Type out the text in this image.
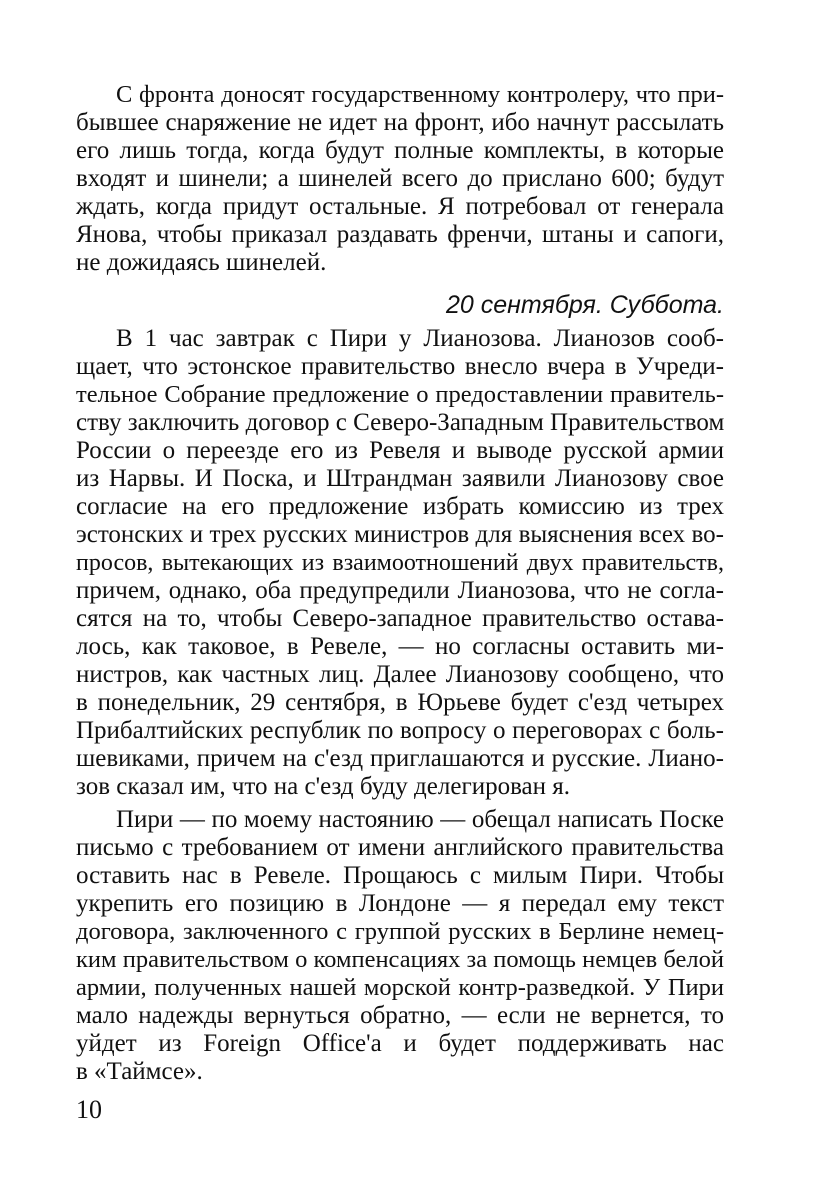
С фронта доносят государственному контролеру, что при-
бывшее снаряжение не идет на фронт, ибо начнут рассылать
его лишь тогда, когда будут полные комплекты, в которые
входят и шинели; а шинелей всего до прислано 600; будут
ждать, когда придут остальные. Я потребовал от генерала
Янова, чтобы приказал раздавать френчи, штаны и сапоги,
не дожидаясь шинелей.
20 сентября. Суббота.
В 1 час завтрак с Пири у Лианозова. Лианозов сооб-
щает, что эстонское правительство внесло вчера в Учреди-
тельное Собрание предложение о предоставлении правитель-
ству заключить договор с Северо-Западным Правительством
России о переезде его из Ревеля и выводе русской армии
из Нарвы. И Поска, и Штрандман заявили Лианозову свое
согласие на его предложение избрать комиссию из трех
эстонских и трех русских министров для выяснения всех во-
просов, вытекающих из взаимоотношений двух правительств,
причем, однако, оба предупредили Лианозова, что не согла-
сятся на то, чтобы Северо-западное правительство остава-
лось, как таковое, в Ревеле, — но согласны оставить ми-
нистров, как частных лиц. Далее Лианозову сообщено, что
в понедельник, 29 сентября, в Юрьеве будет с'езд четырех
Прибалтийских республик по вопросу о переговорах с боль-
шевиками, причем на с'езд приглашаются и русские. Лиано-
зов сказал им, что на с'езд буду делегирован я.
Пири — по моему настоянию — обещал написать Поске
письмо с требованием от имени английского правительства
оставить нас в Ревеле. Прощаюсь с милым Пири. Чтобы
укрепить его позицию в Лондоне — я передал ему текст
договора, заключенного с группой русских в Берлине немец-
ким правительством о компенсациях за помощь немцев белой
армии, полученных нашей морской контр-разведкой. У Пири
мало надежды вернуться обратно, — если не вернется, то
уйдет из Foreign Office'а и будет поддерживать нас
в «Таймсе».
10
